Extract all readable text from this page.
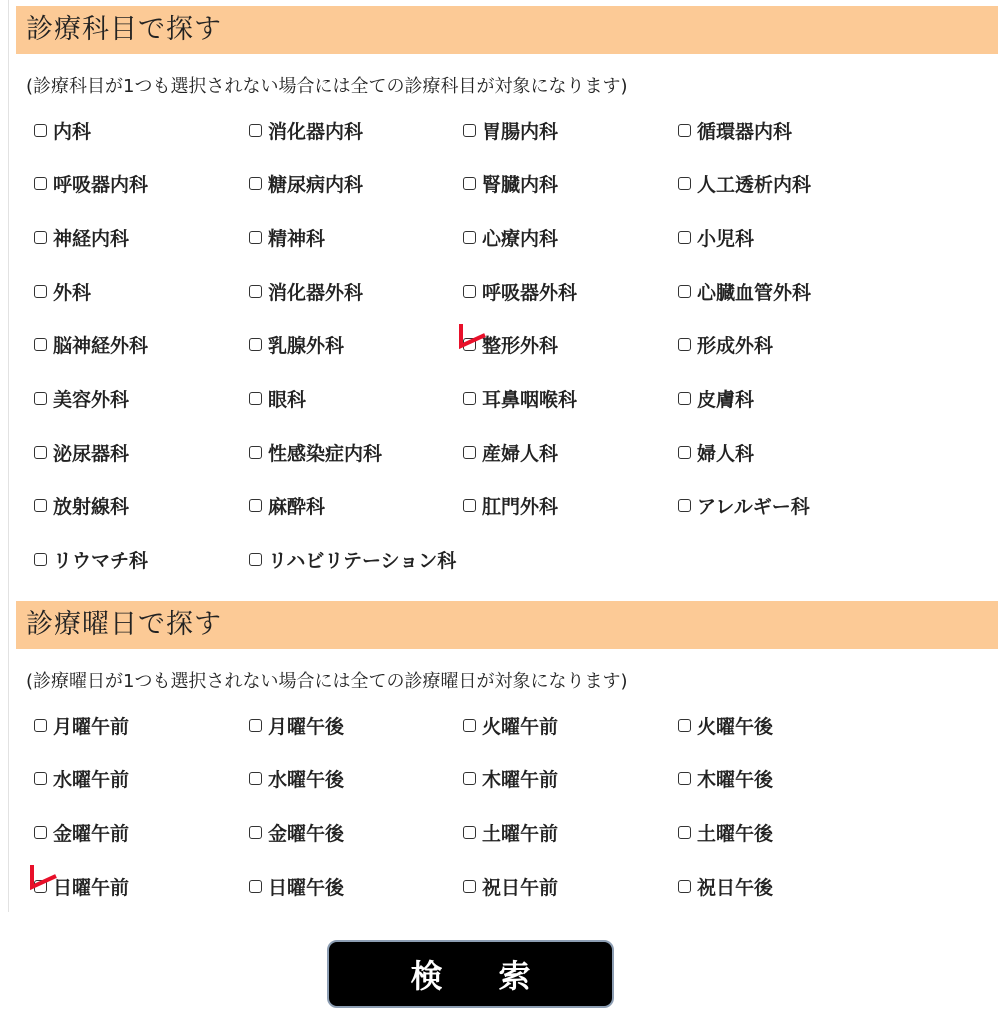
診療科目で探す
(診療科目が1つも選択されない場合には全ての診療科目が対象になります)
内科	消化器内科	胃腸内科	循環器内科
呼吸器内科	糖尿病内科	腎臓内科	人工透析内科
神経内科	精神科	心療内科	小児科
外科	消化器外科	呼吸器外科	心臓血管外科
脳神経外科	乳腺外科	整形外科	形成外科
美容外科	眼科	耳鼻咽喉科	皮膚科
泌尿器科	性感染症内科	産婦人科	婦人科
放射線科	麻酔科	肛門外科	アレルギー科
リウマチ科	リハビリテーション科
診療曜日で探す
(診療曜日が1つも選択されない場合には全ての診療曜日が対象になります)
月曜午前	月曜午後	火曜午前	火曜午後
水曜午前	水曜午後	木曜午前	木曜午後
金曜午前	金曜午後	土曜午前	土曜午後
日曜午前	日曜午後	祝日午前	祝日午後
検索
